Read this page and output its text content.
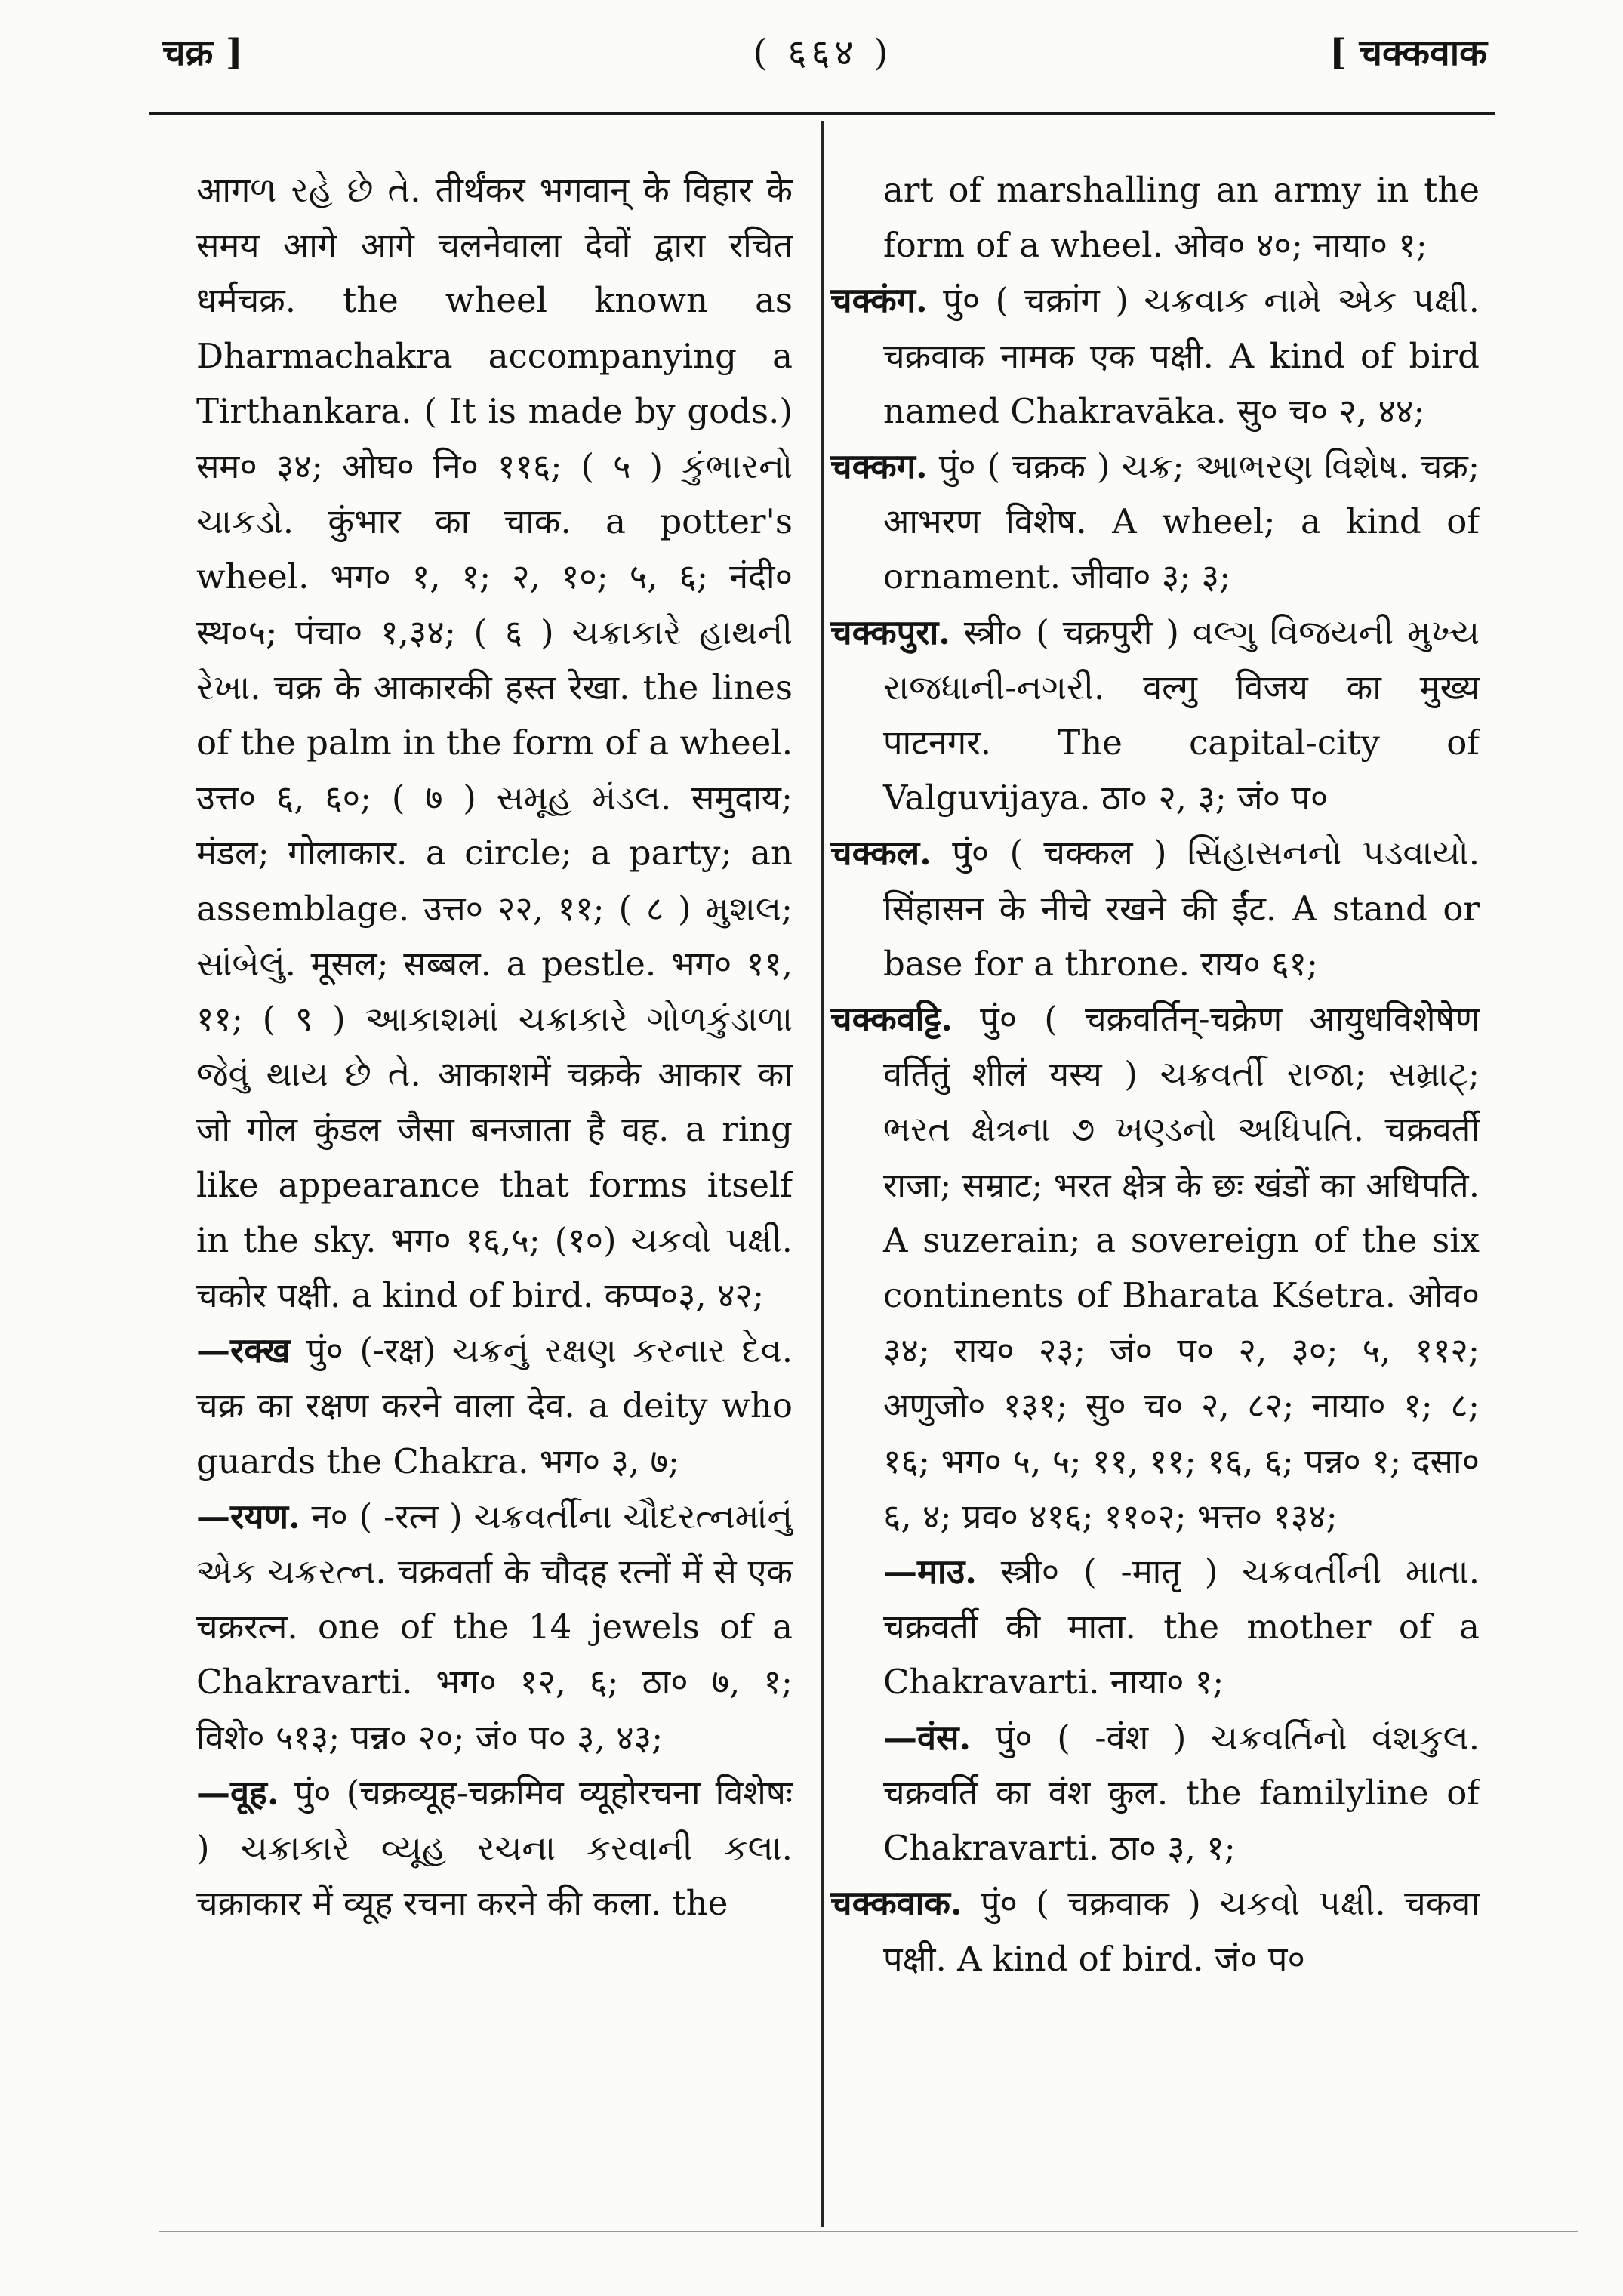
चक्र ]	( ६६४ )	[ चक्कवाक

आगળ રહે છે તે. तीर्थंकर भगवान् के विहार के समय आगे आगे चलनेवाला देवों द्वारा रचित धर्मचक्र. the wheel known as Dharmachakra accompanying a Tirthankara. ( It is made by gods.) सम० ३४; ओघ० नि० ११६; ( ५ ) કુંભારનો ચાકડો. कुंभार का चाक. a potter's wheel. भग० १, १; २, १०; ५, ६; नंदी० स्थ०५; पंचा० १,३४; ( ६ ) ચક્રાકારે હાથની રેખા. चक्र के आकारकी हस्त रेखा. the lines of the palm in the form of a wheel. उत्त० ६, ६०; ( ७ ) સમૂહ મંડલ. समुदाय; मंडल; गोलाकार. a circle; a party; an assemblage. उत्त० २२, ११; ( ८ ) મુશલ; સાંબેલું. मूसल; सब्बल. a pestle. भग० ११, ११; ( ९ ) આકાશમાં ચક્રાકારે ગોળકુંડાળા જેવું થાય છે તે. आकाशमें चक्रके आकार का जो गोल कुंडल जैसा बनजाता है वह. a ring like appearance that forms itself in the sky. भग० १६,५; (१०) ચકવો પક્ષી. चकोर पक्षी. a kind of bird. कप्प०३, ४२;

—रक्ख पुं० (-रक्ष) ચક્રનું રક્ષણ કરનાર દેવ. चक्र का रक्षण करने वाला देव. a deity who guards the Chakra. भग० ३, ७;

—रयण. न० ( -रत्न ) ચક્રવર્તીના ચૌદરત્નમાંનું એક ચક્રરત્ન. चक्रवर्ता के चौदह रत्नों में से एक चक्ररत्न. one of the 14 jewels of a Chakravarti. भग० १२, ६; ठा० ७, १; विशे० ५१३; पन्न० २०; जं० प० ३, ४३;

—वूह. पुं० (चक्रव्यूह-चक्रमिव व्यूहोरचना विशेषः ) ચક્રાકારે વ્યૂહ રચના કરવાની કલા. चक्राकार में व्यूह रचना करने की कला. the

art of marshalling an army in the form of a wheel. ओव० ४०; नाया० १;

चक्कंग. पुं० ( चक्रांग ) ચક્રવાક નામે એક પક્ષી. चक्रवाक नामक एक पक्षी. A kind of bird named Chakravāka. सु० च० २, ४४;

चक्कग. पुं० ( चक्रक ) ચક્ર; આભરણ વિશેષ. चक्र; आभरण विशेष. A wheel; a kind of ornament. जीवा० ३; ३;

चक्कपुरा. स्त्री० ( चक्रपुरी ) વલ્ગુ વિજયની મુખ્ય રાજધાની-નગરી. वल्गु विजय का मुख्य पाटनगर. The capital-city of Valguvijaya. ठा० २, ३; जं० प०

चक्कल. पुं० ( चक्कल ) સિંહાસનનો પડવાયો. सिंहासन के नीचे रखने की ईंट. A stand or base for a throne. राय० ६१;

चक्कवट्टि. पुं० ( चक्रवर्तिन्-चक्रेण आयुधविशेषेण वर्तितुं शीलं यस्य ) ચક્રવર્તી રાજા; સમ્રાટ્; ભરત ક્ષેત્રના ૭ ખણ્ડનો અધિપતિ. चक्रवर्ती राजा; सम्राट; भरत क्षेत्र के छः खंडों का अधिपति. A suzerain; a sovereign of the six continents of Bharata Kśetra. ओव० ३४; राय० २३; जं० प० २, ३०; ५, ११२; अणुजो० १३१; सु० च० २, ८२; नाया० १; ८; १६; भग० ५, ५; ११, ११; १६, ६; पन्न० १; दसा० ६, ४; प्रव० ४१६; ११०२; भत्त० १३४;

—माउ. स्त्री० ( -मातृ ) ચક્રવર્તીની માતા. चक्रवर्ती की माता. the mother of a Chakravarti. नाया० १;

—वंस. पुं० ( -वंश ) ચક્રવર્તિનો વંશકુલ. चक्रवर्ति का वंश कुल. the familyline of Chakravarti. ठा० ३, १;

चक्कवाक. पुं० ( चक्रवाक ) ચકવો પક્ષી. चकवा पक्षी. A kind of bird. जं० प०
